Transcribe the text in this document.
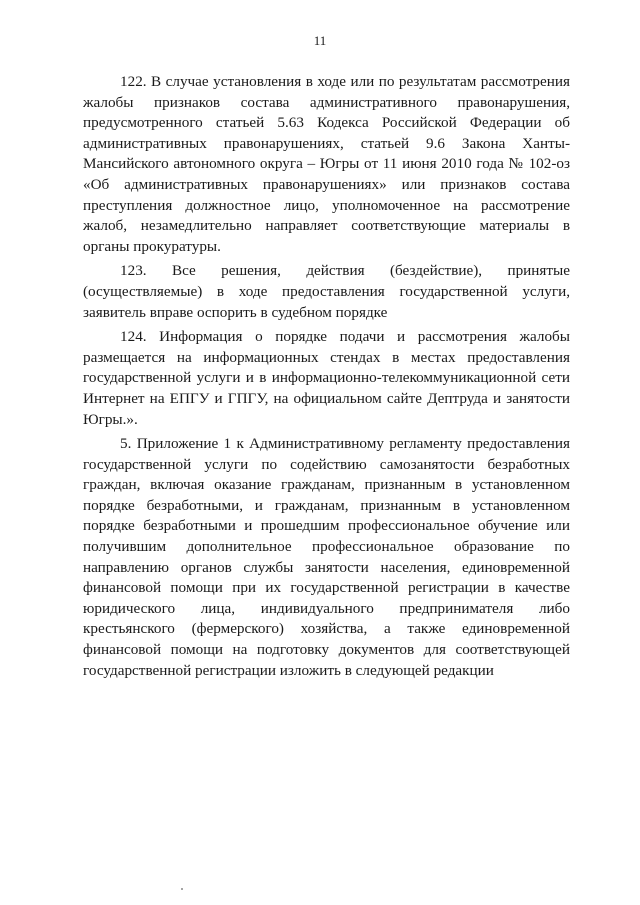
11

122. В случае установления в ходе или по результатам рассмотрения жалобы признаков состава административного правонарушения, предусмотренного статьей 5.63 Кодекса Российской Федерации об административных правонарушениях, статьей 9.6 Закона Ханты-Мансийского автономного округа – Югры от 11 июня 2010 года № 102-оз «Об административных правонарушениях» или признаков состава преступления должностное лицо, уполномоченное на рассмотрение жалоб, незамедлительно направляет соответствующие материалы в органы прокуратуры.

123. Все решения, действия (бездействие), принятые (осуществляемые) в ходе предоставления государственной услуги, заявитель вправе оспорить в судебном порядке

124. Информация о порядке подачи и рассмотрения жалобы размещается на информационных стендах в местах предоставления государственной услуги и в информационно-телекоммуникационной сети Интернет на ЕПГУ и ГПГУ, на официальном сайте Дептруда и занятости Югры.».

5. Приложение 1 к Административному регламенту предоставления государственной услуги по содействию самозанятости безработных граждан, включая оказание гражданам, признанным в установленном порядке безработными, и гражданам, признанным в установленном порядке безработными и прошедшим профессиональное обучение или получившим дополнительное профессиональное образование по направлению органов службы занятости населения, единовременной финансовой помощи при их государственной регистрации в качестве юридического лица, индивидуального предпринимателя либо крестьянского (фермерского) хозяйства, а также единовременной финансовой помощи на подготовку документов для соответствующей государственной регистрации изложить в следующей редакции
